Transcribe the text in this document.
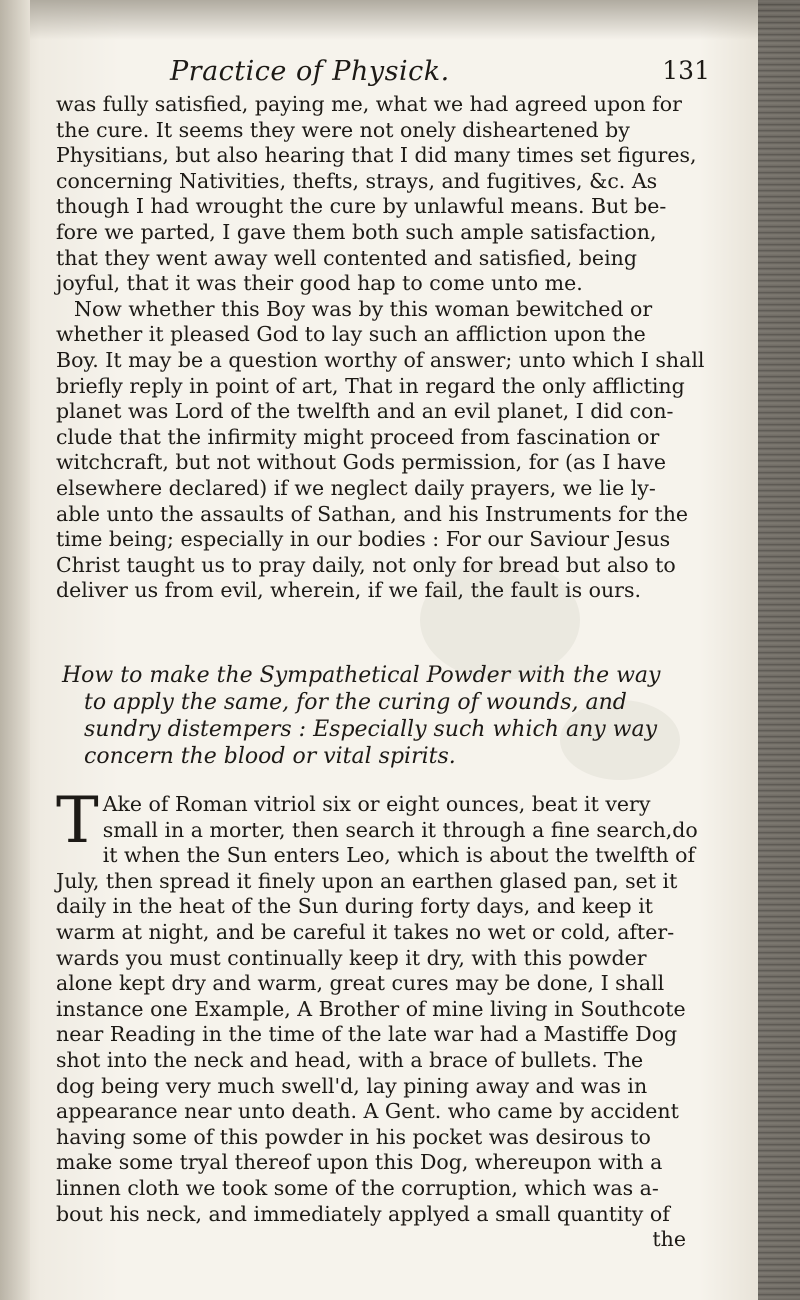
Practice of Physick.	131
was fully satisfied, paying me, what we had agreed upon for
the cure. It seems they were not onely disheartened by
Physitians, but also hearing that I did many times set figures,
concerning Nativities, thefts, strays, and fugitives, &c. As
though I had wrought the cure by unlawful means. But be-
fore we parted, I gave them both such ample satisfaction,
that they went away well contented and satisfied, being
joyful, that it was their good hap to come unto me.
Now whether this Boy was by this woman bewitched or
whether it pleased God to lay such an affliction upon the
Boy. It may be a question worthy of answer; unto which I shall
briefly reply in point of art, That in regard the only afflicting
planet was Lord of the twelfth and an evil planet, I did con-
clude that the infirmity might proceed from fascination or
witchcraft, but not without Gods permission, for (as I have
elsewhere declared) if we neglect daily prayers, we lie ly-
able unto the assaults of Sathan, and his Instruments for the
time being; especially in our bodies : For our Saviour Jesus
Christ taught us to pray daily, not only for bread but also to
deliver us from evil, wherein, if we fail, the fault is ours.
How to make the Sympathetical Powder with the way
to apply the same, for the curing of wounds, and
sundry distempers : Especially such which any way
concern the blood or vital spirits.
T Ake of Roman vitriol six or eight ounces, beat it very
small in a morter, then search it through a fine search,do
it when the Sun enters Leo, which is about the twelfth of
July, then spread it finely upon an earthen glased pan, set it
daily in the heat of the Sun during forty days, and keep it
warm at night, and be careful it takes no wet or cold, after-
wards you must continually keep it dry, with this powder
alone kept dry and warm, great cures may be done, I shall
instance one Example, A Brother of mine living in Southcote
near Reading in the time of the late war had a Mastiffe Dog
shot into the neck and head, with a brace of bullets. The
dog being very much swell'd, lay pining away and was in
appearance near unto death. A Gent. who came by accident
having some of this powder in his pocket was desirous to
make some tryal thereof upon this Dog, whereupon with a
linnen cloth we took some of the corruption, which was a-
bout his neck, and immediately applyed a small quantity of
the
